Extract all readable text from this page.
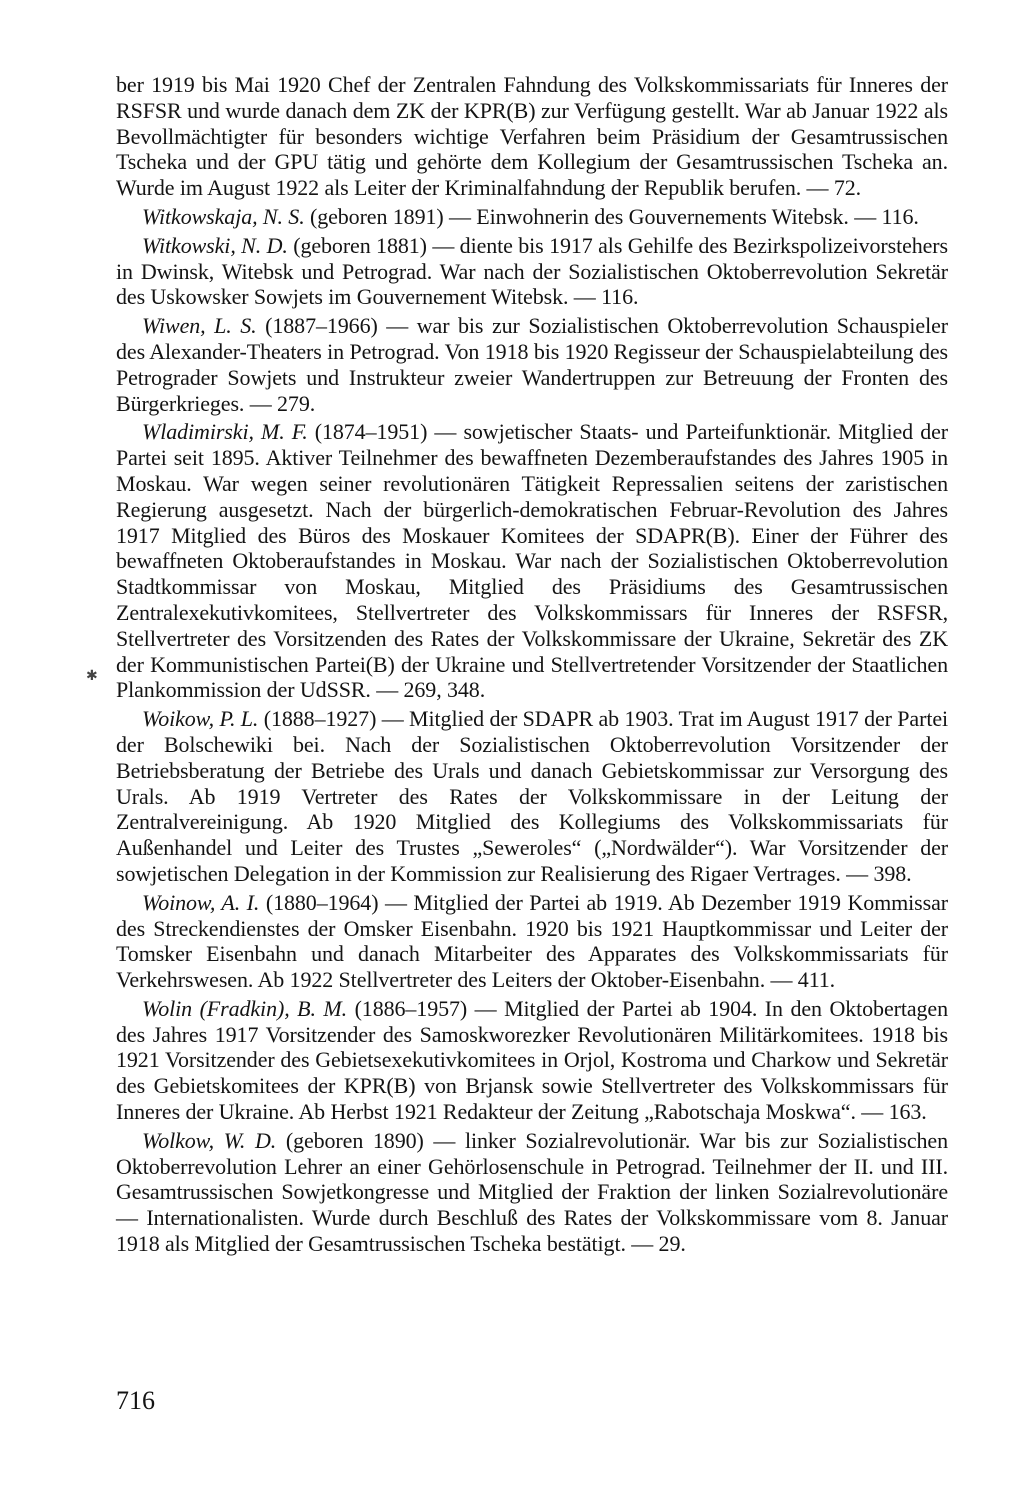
ber 1919 bis Mai 1920 Chef der Zentralen Fahndung des Volkskommissariats für Inneres der RSFSR und wurde danach dem ZK der KPR(B) zur Verfügung gestellt. War ab Januar 1922 als Bevollmächtigter für besonders wichtige Verfahren beim Präsidium der Gesamtrussischen Tscheka und der GPU tätig und gehörte dem Kollegium der Gesamtrussischen Tscheka an. Wurde im August 1922 als Leiter der Kriminalfahndung der Republik berufen. — 72.

Witkowskaja, N. S. (geboren 1891) — Einwohnerin des Gouvernements Witebsk. — 116.

Witkowski, N. D. (geboren 1881) — diente bis 1917 als Gehilfe des Bezirkspolizeivorstehers in Dwinsk, Witebsk und Petrograd. War nach der Sozialistischen Oktoberrevolution Sekretär des Uskowsker Sowjets im Gouvernement Witebsk. — 116.

Wiwen, L. S. (1887–1966) — war bis zur Sozialistischen Oktoberrevolution Schauspieler des Alexander-Theaters in Petrograd. Von 1918 bis 1920 Regisseur der Schauspielabteilung des Petrograder Sowjets und Instrukteur zweier Wandertruppen zur Betreuung der Fronten des Bürgerkrieges. — 279.

Wladimirski, M. F. (1874–1951) — sowjetischer Staats- und Parteifunktionär. Mitglied der Partei seit 1895. Aktiver Teilnehmer des bewaffneten Dezemberaufstandes des Jahres 1905 in Moskau. War wegen seiner revolutionären Tätigkeit Repressalien seitens der zaristischen Regierung ausgesetzt. Nach der bürgerlich-demokratischen Februar-Revolution des Jahres 1917 Mitglied des Büros des Moskauer Komitees der SDAPR(B). Einer der Führer des bewaffneten Oktoberaufstandes in Moskau. War nach der Sozialistischen Oktoberrevolution Stadtkommissar von Moskau, Mitglied des Präsidiums des Gesamtrussischen Zentralexekutivkomitees, Stellvertreter des Volkskommissars für Inneres der RSFSR, Stellvertreter des Vorsitzenden des Rates der Volkskommissare der Ukraine, Sekretär des ZK der Kommunistischen Partei(B) der Ukraine und Stellvertretender Vorsitzender der Staatlichen Plankommission der UdSSR. — 269, 348.

Woikow, P. L. (1888–1927) — Mitglied der SDAPR ab 1903. Trat im August 1917 der Partei der Bolschewiki bei. Nach der Sozialistischen Oktoberrevolution Vorsitzender der Betriebsberatung der Betriebe des Urals und danach Gebietskommissar zur Versorgung des Urals. Ab 1919 Vertreter des Rates der Volkskommissare in der Leitung der Zentralvereinigung. Ab 1920 Mitglied des Kollegiums des Volkskommissariats für Außenhandel und Leiter des Trustes „Seweroles“ („Nordwälder“). War Vorsitzender der sowjetischen Delegation in der Kommission zur Realisierung des Rigaer Vertrages. — 398.

Woinow, A. I. (1880–1964) — Mitglied der Partei ab 1919. Ab Dezember 1919 Kommissar des Streckendienstes der Omsker Eisenbahn. 1920 bis 1921 Hauptkommissar und Leiter der Tomsker Eisenbahn und danach Mitarbeiter des Apparates des Volkskommissariats für Verkehrswesen. Ab 1922 Stellvertreter des Leiters der Oktober-Eisenbahn. — 411.

Wolin (Fradkin), B. M. (1886–1957) — Mitglied der Partei ab 1904. In den Oktobertagen des Jahres 1917 Vorsitzender des Samoskworezker Revolutionären Militärkomitees. 1918 bis 1921 Vorsitzender des Gebietsexekutivkomitees in Orjol, Kostroma und Charkow und Sekretär des Gebietskomitees der KPR(B) von Brjansk sowie Stellvertreter des Volkskommissars für Inneres der Ukraine. Ab Herbst 1921 Redakteur der Zeitung „Rabotschaja Moskwa“. — 163.

Wolkow, W. D. (geboren 1890) — linker Sozialrevolutionär. War bis zur Sozialistischen Oktoberrevolution Lehrer an einer Gehörlosenschule in Petrograd. Teilnehmer der II. und III. Gesamtrussischen Sowjetkongresse und Mitglied der Fraktion der linken Sozialrevolutionäre — Internationalisten. Wurde durch Beschluß des Rates der Volkskommissare vom 8. Januar 1918 als Mitglied der Gesamtrussischen Tscheka bestätigt. — 29.

✱
716
